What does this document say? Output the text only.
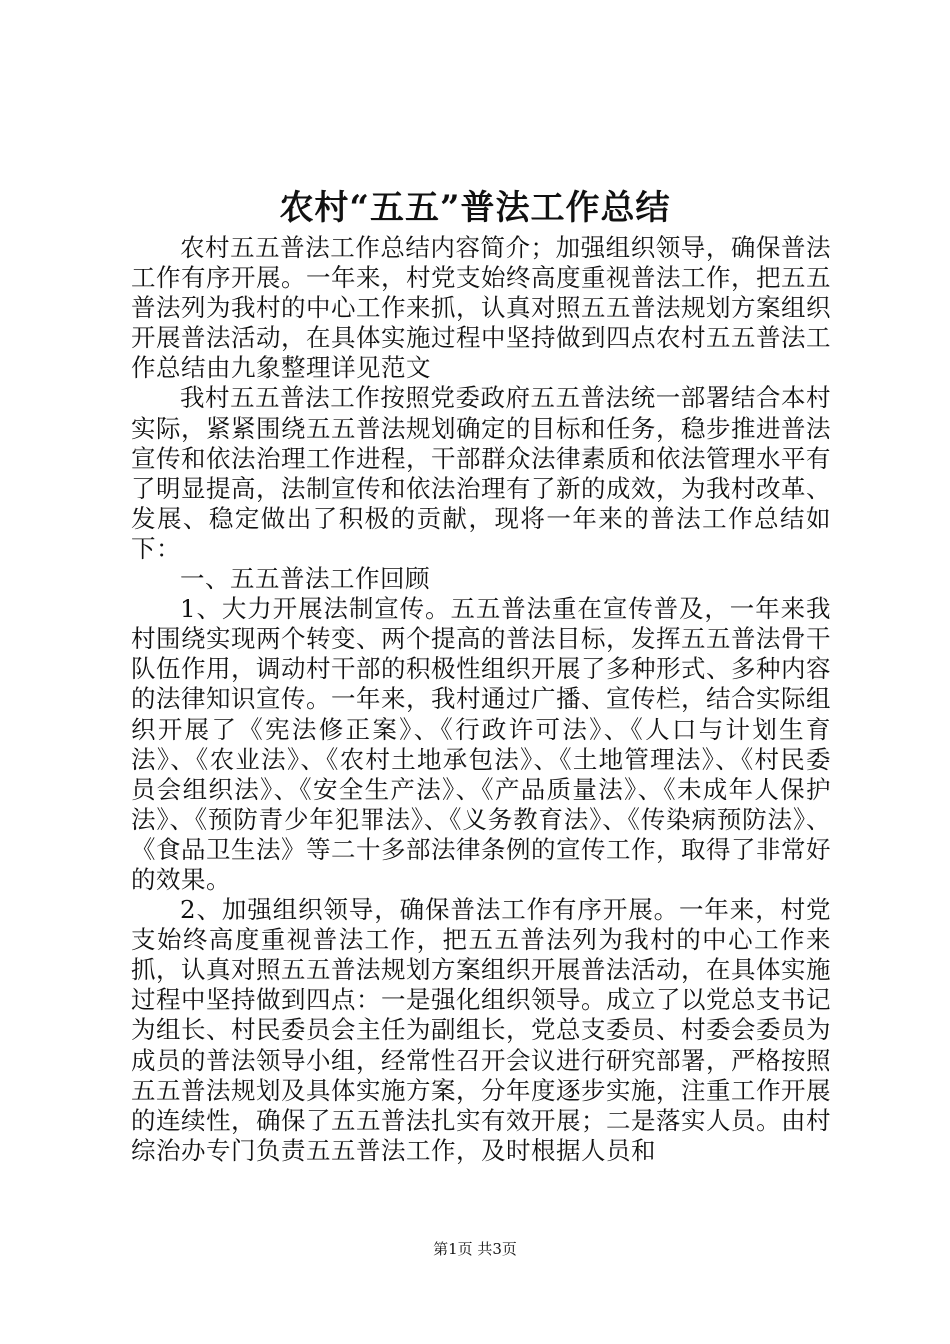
农村“五五”普法工作总结

农村五五普法工作总结内容简介；加强组织领导，确保普法工作有序开展。一年来，村党支始终高度重视普法工作，把五五普法列为我村的中心工作来抓，认真对照五五普法规划方案组织开展普法活动，在具体实施过程中坚持做到四点农村五五普法工作总结由九象整理详见范文

我村五五普法工作按照党委政府五五普法统一部署结合本村实际，紧紧围绕五五普法规划确定的目标和任务，稳步推进普法宣传和依法治理工作进程，干部群众法律素质和依法管理水平有了明显提高，法制宣传和依法治理有了新的成效，为我村改革、发展、稳定做出了积极的贡献，现将一年来的普法工作总结如下：

一、五五普法工作回顾

1、大力开展法制宣传。五五普法重在宣传普及，一年来我村围绕实现两个转变、两个提高的普法目标，发挥五五普法骨干队伍作用，调动村干部的积极性组织开展了多种形式、多种内容的法律知识宣传。一年来，我村通过广播、宣传栏，结合实际组织开展了《宪法修正案》、《行政许可法》、《人口与计划生育法》、《农业法》、《农村土地承包法》、《土地管理法》、《村民委员会组织法》、《安全生产法》、《产品质量法》、《未成年人保护法》、《预防青少年犯罪法》、《义务教育法》、《传染病预防法》、《食品卫生法》等二十多部法律条例的宣传工作，取得了非常好的效果。

2、加强组织领导，确保普法工作有序开展。一年来，村党支始终高度重视普法工作，把五五普法列为我村的中心工作来抓，认真对照五五普法规划方案组织开展普法活动，在具体实施过程中坚持做到四点：一是强化组织领导。成立了以党总支书记为组长、村民委员会主任为副组长，党总支委员、村委会委员为成员的普法领导小组，经常性召开会议进行研究部署，严格按照五五普法规划及具体实施方案，分年度逐步实施，注重工作开展的连续性，确保了五五普法扎实有效开展；二是落实人员。由村综治办专门负责五五普法工作，及时根据人员和

第1页 共3页
